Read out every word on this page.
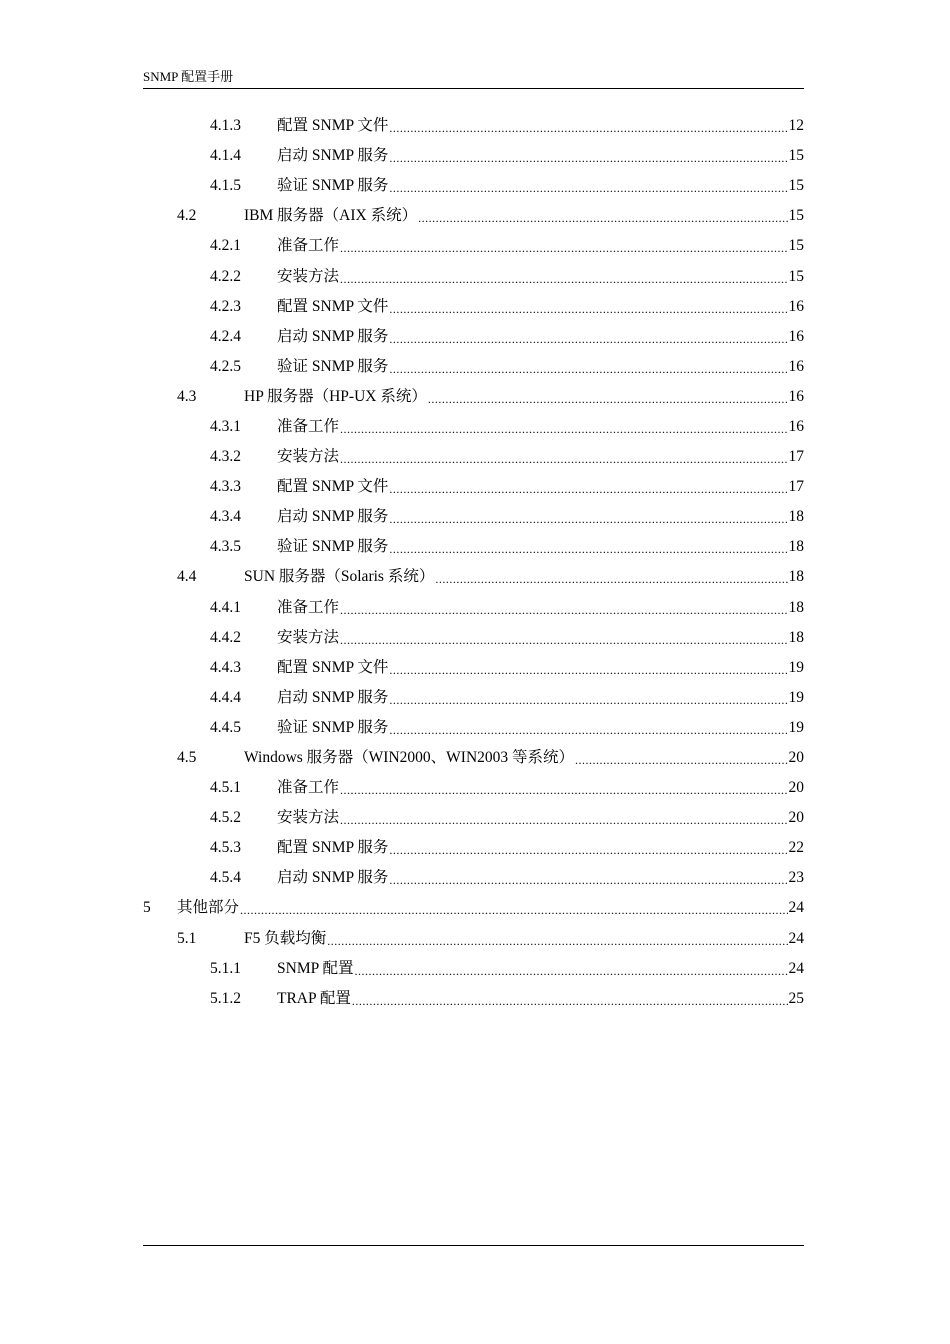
SNMP 配置手册
4.1.3	配置 SNMP 文件 .....	12
4.1.4	启动 SNMP 服务 .....	15
4.1.5	验证 SNMP 服务 .....	15
4.2	IBM 服务器（AIX 系统） .....	15
4.2.1	准备工作 .....	15
4.2.2	安装方法 .....	15
4.2.3	配置 SNMP 文件 .....	16
4.2.4	启动 SNMP 服务 .....	16
4.2.5	验证 SNMP 服务 .....	16
4.3	HP 服务器（HP-UX 系统） .....	16
4.3.1	准备工作 .....	16
4.3.2	安装方法 .....	17
4.3.3	配置 SNMP 文件 .....	17
4.3.4	启动 SNMP 服务 .....	18
4.3.5	验证 SNMP 服务 .....	18
4.4	SUN 服务器（Solaris 系统） .....	18
4.4.1	准备工作 .....	18
4.4.2	安装方法 .....	18
4.4.3	配置 SNMP 文件 .....	19
4.4.4	启动 SNMP 服务 .....	19
4.4.5	验证 SNMP 服务 .....	19
4.5	Windows 服务器（WIN2000、WIN2003 等系统） .....	20
4.5.1	准备工作 .....	20
4.5.2	安装方法 .....	20
4.5.3	配置 SNMP 服务 .....	22
4.5.4	启动 SNMP 服务 .....	23
5	其他部分 .....	24
5.1	F5 负载均衡 .....	24
5.1.1	SNMP 配置 .....	24
5.1.2	TRAP 配置 .....	25
